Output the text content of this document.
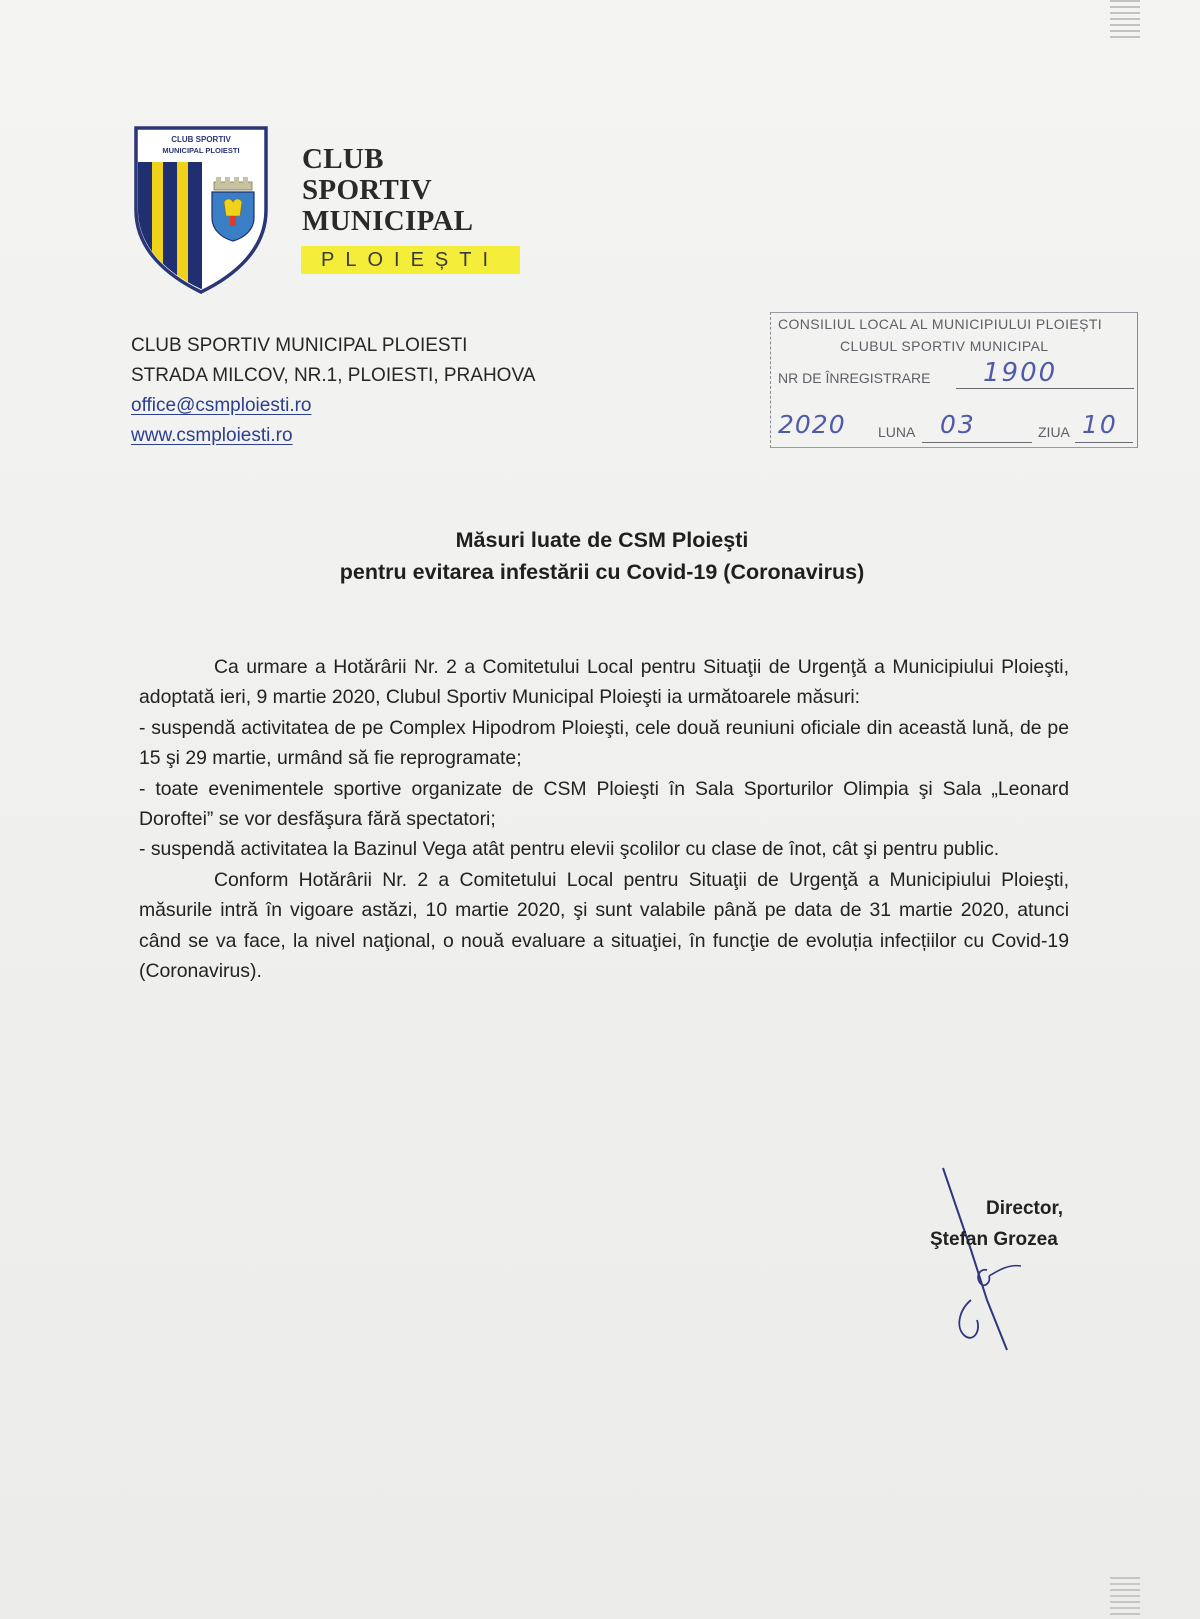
CLUB SPORTIV
MUNICIPAL PLOIESTI CLUB
SPORTIV
MUNICIPAL
PLOIEȘTI
CLUB SPORTIV MUNICIPAL PLOIESTI
STRADA MILCOV, NR.1, PLOIESTI, PRAHOVA
office@csmploiesti.ro
www.csmploiesti.ro
CONSILIUL LOCAL AL MUNICIPIULUI PLOIEȘTI
CLUBUL SPORTIV MUNICIPAL
NR DE ÎNREGISTRARE 1900
2020 LUNA 03	ZIUA 10
Măsuri luate de CSM Ploieşti
pentru evitarea infestării cu Covid-19 (Coronavirus)

Ca urmare a Hotărârii Nr. 2 a Comitetului Local pentru Situaţii de Urgenţă a Municipiului Ploieşti, adoptată ieri, 9 martie 2020, Clubul Sportiv Municipal Ploieşti ia următoarele măsuri:

- suspendă activitatea de pe Complex Hipodrom Ploieşti, cele două reuniuni oficiale din această lună, de pe 15 şi 29 martie, urmând să fie reprogramate;

- toate evenimentele sportive organizate de CSM Ploieşti în Sala Sporturilor Olimpia şi Sala „Leonard Doroftei” se vor desfăşura fără spectatori;

- suspendă activitatea la Bazinul Vega atât pentru elevii şcolilor cu clase de înot, cât şi pentru public.

Conform Hotărârii Nr. 2 a Comitetului Local pentru Situaţii de Urgenţă a Municipiului Ploieşti, măsurile intră în vigoare astăzi, 10 martie 2020, şi sunt valabile până pe data de 31 martie 2020, atunci când se va face, la nivel naţional, o nouă evaluare a situaţiei, în funcţie de evoluția infecțiilor cu Covid-19 (Coronavirus).

Director,
Ştefan Grozea
